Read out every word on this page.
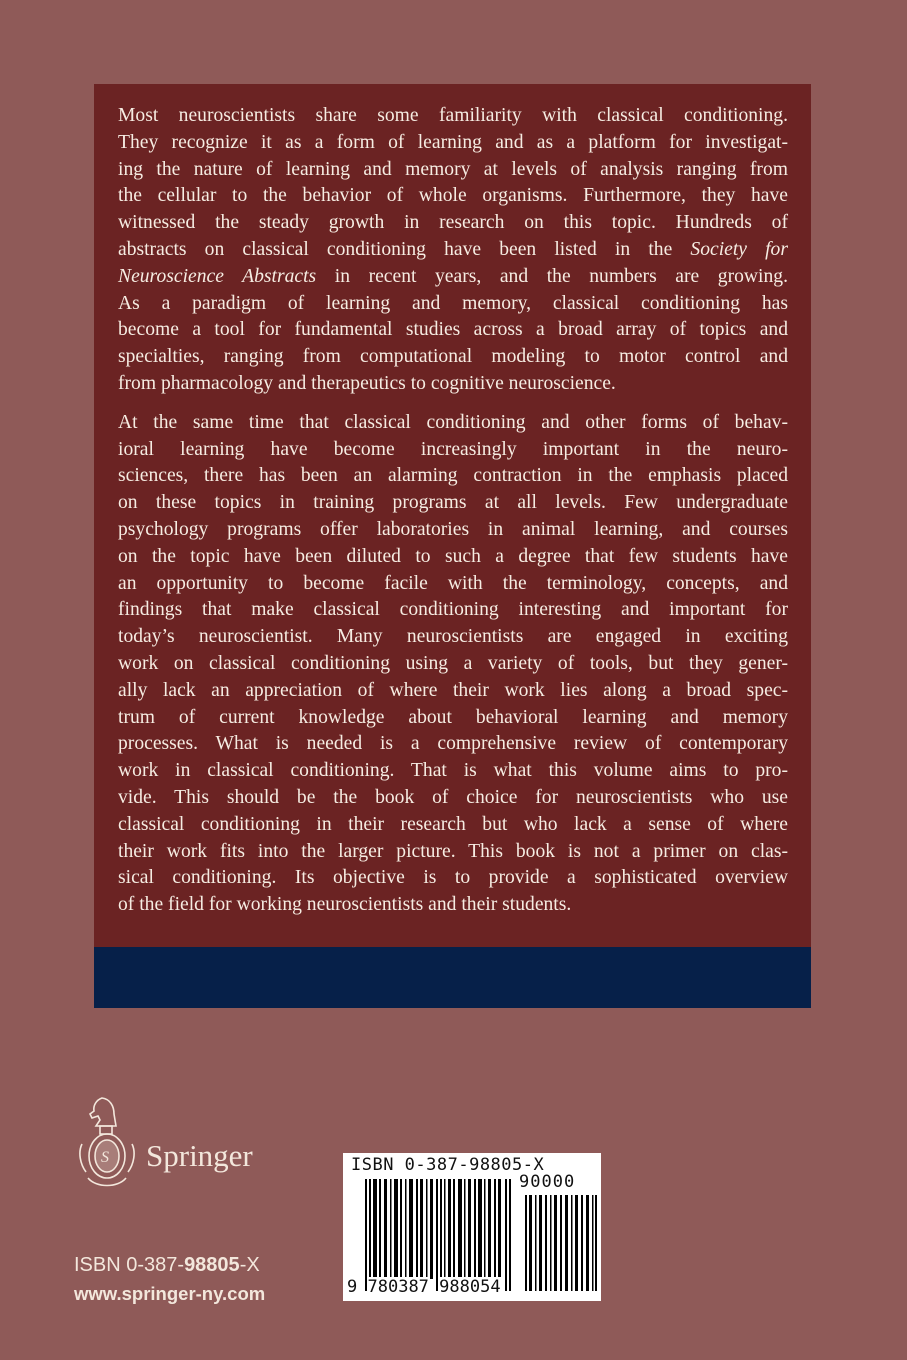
Most neuroscientists share some familiarity with classical conditioning.
They recognize it as a form of learning and as a platform for investigat-
ing the nature of learning and memory at levels of analysis ranging from
the cellular to the behavior of whole organisms. Furthermore, they have
witnessed the steady growth in research on this topic. Hundreds of
abstracts on classical conditioning have been listed in the Society for
Neuroscience Abstracts in recent years, and the numbers are growing.
As a paradigm of learning and memory, classical conditioning has
become a tool for fundamental studies across a broad array of topics and
specialties, ranging from computational modeling to motor control and
from pharmacology and therapeutics to cognitive neuroscience.
At the same time that classical conditioning and other forms of behav-
ioral learning have become increasingly important in the neuro-
sciences, there has been an alarming contraction in the emphasis placed
on these topics in training programs at all levels. Few undergraduate
psychology programs offer laboratories in animal learning, and courses
on the topic have been diluted to such a degree that few students have
an opportunity to become facile with the terminology, concepts, and
findings that make classical conditioning interesting and important for
today’s neuroscientist. Many neuroscientists are engaged in exciting
work on classical conditioning using a variety of tools, but they gener-
ally lack an appreciation of where their work lies along a broad spec-
trum of current knowledge about behavioral learning and memory
processes. What is needed is a comprehensive review of contemporary
work in classical conditioning. That is what this volume aims to pro-
vide. This should be the book of choice for neuroscientists who use
classical conditioning in their research but who lack a sense of where
their work fits into the larger picture. This book is not a primer on clas-
sical conditioning. Its objective is to provide a sophisticated overview
of the field for working neuroscientists and their students.
S Springer
ISBN 0-387-98805-X
www.springer-ny.com
ISBN 0-387-98805-X
90000
9 780387 988054
